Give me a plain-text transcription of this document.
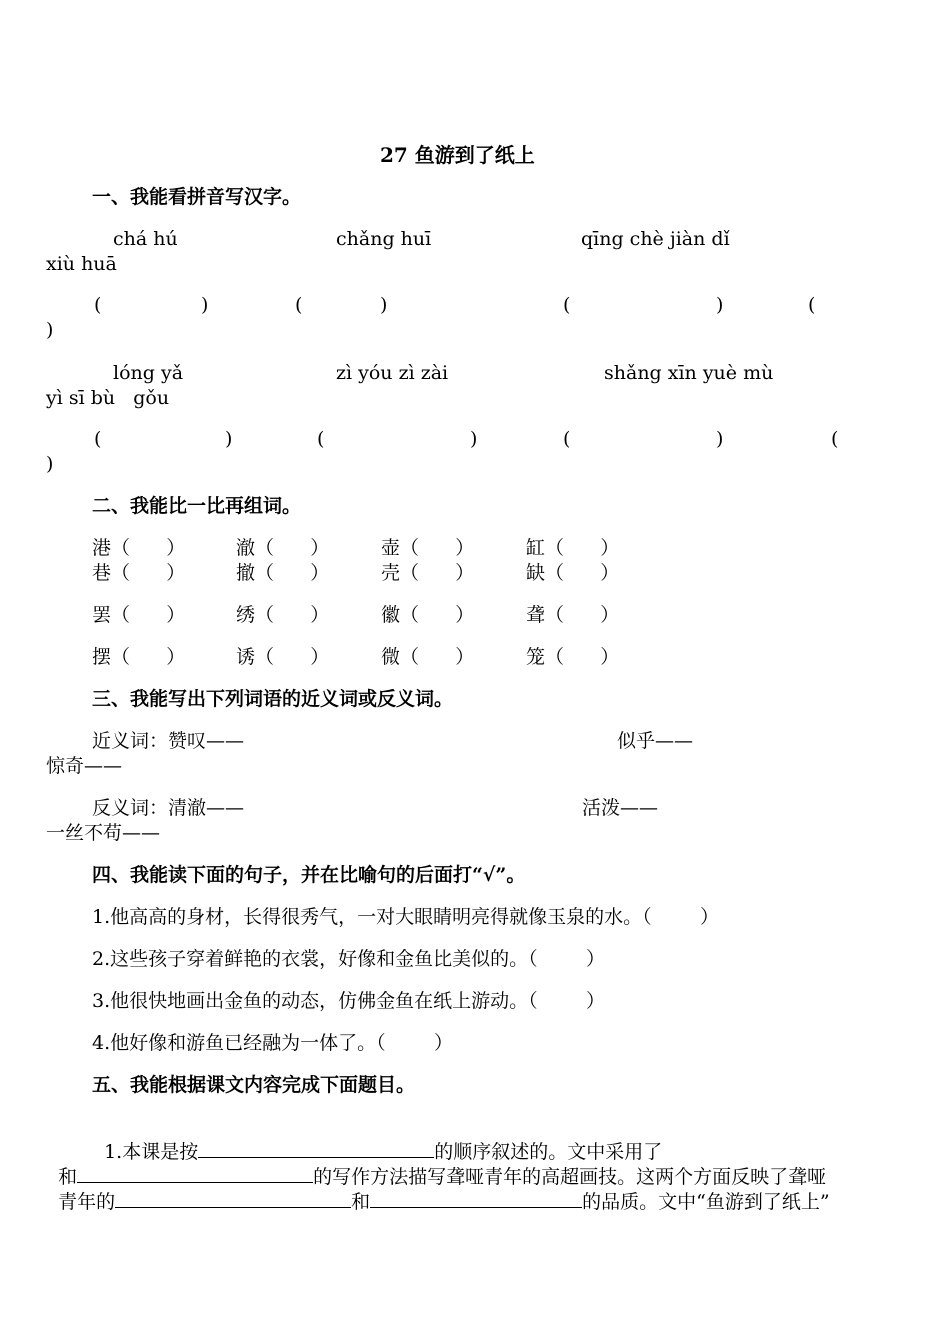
27 鱼游到了纸上
一、我能看拼音写汉字。
chá hú	chǎng huī	qīng chè jiàn dǐ
xiù huā
(	)	(	)	(	)	(
)
lóng yǎ	zì yóu zì zài	shǎng xīn yuè mù
yì sī bù   gǒu
(	)	(	)	(	)	(
)
二、我能比一比再组词。
港（      ）	澈（      ）	壶（      ）	缸（      ）
巷（      ）	撤（      ）	壳（      ）	缺（      ）
罢（      ）	绣（      ）	徽（      ）	聋（      ）
摆（      ）	诱（      ）	微（      ）	笼（      ）
三、我能写出下列词语的近义词或反义词。
近义词：赞叹——	似乎——
惊奇——
反义词：清澈——	活泼——
一丝不苟——
四、我能读下面的句子，并在比喻句的后面打“√”。
1.他高高的身材，长得很秀气，一对大眼睛明亮得就像玉泉的水。（        ）
2.这些孩子穿着鲜艳的衣裳，好像和金鱼比美似的。（        ）
3.他很快地画出金鱼的动态，仿佛金鱼在纸上游动。（        ）
4.他好像和游鱼已经融为一体了。（        ）
五、我能根据课文内容完成下面题目。

1.本课是按	的顺序叙述的。文中采用了

和	的写作方法描写聋哑青年的高超画技。这两个方面反映了聋哑

青年的	和	的品质。文中“鱼游到了纸上”
